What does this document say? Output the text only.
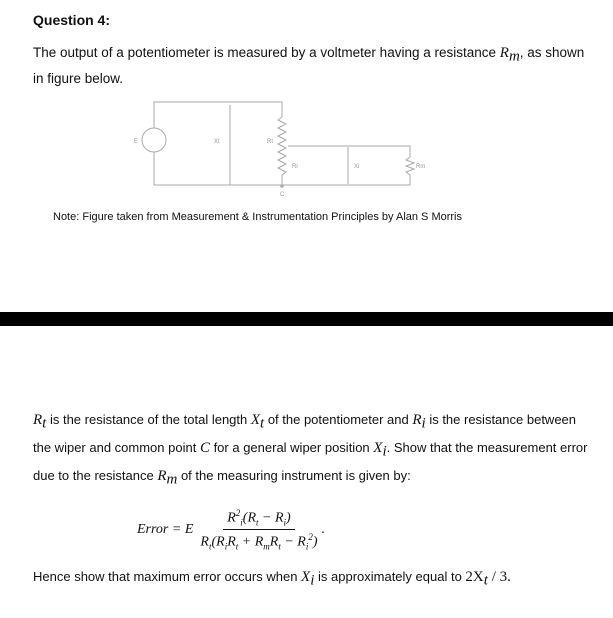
Question 4:
The output of a potentiometer is measured by a voltmeter having a resistance $R_m$, as shown in figure below.
E	Xt	Rt
Ri	Xi	Rm
C
Note: Figure taken from Measurement & Instrumentation Principles by Alan S Morris
$R_t$ is the resistance of the total length $X_t$ of the potentiometer and $R_i$ is the resistance between the wiper and common point C for a general wiper position $X_i$. Show that the measurement error due to the resistance $R_m$ of the measuring instrument is given by:
Error = E $\frac{R^2_i(R_t - R_i)}{R_t(R_iR_t + R_mR_t - R_i^2)}$ .
Hence show that maximum error occurs when $X_i$ is approximately equal to $2X_t / 3$.
